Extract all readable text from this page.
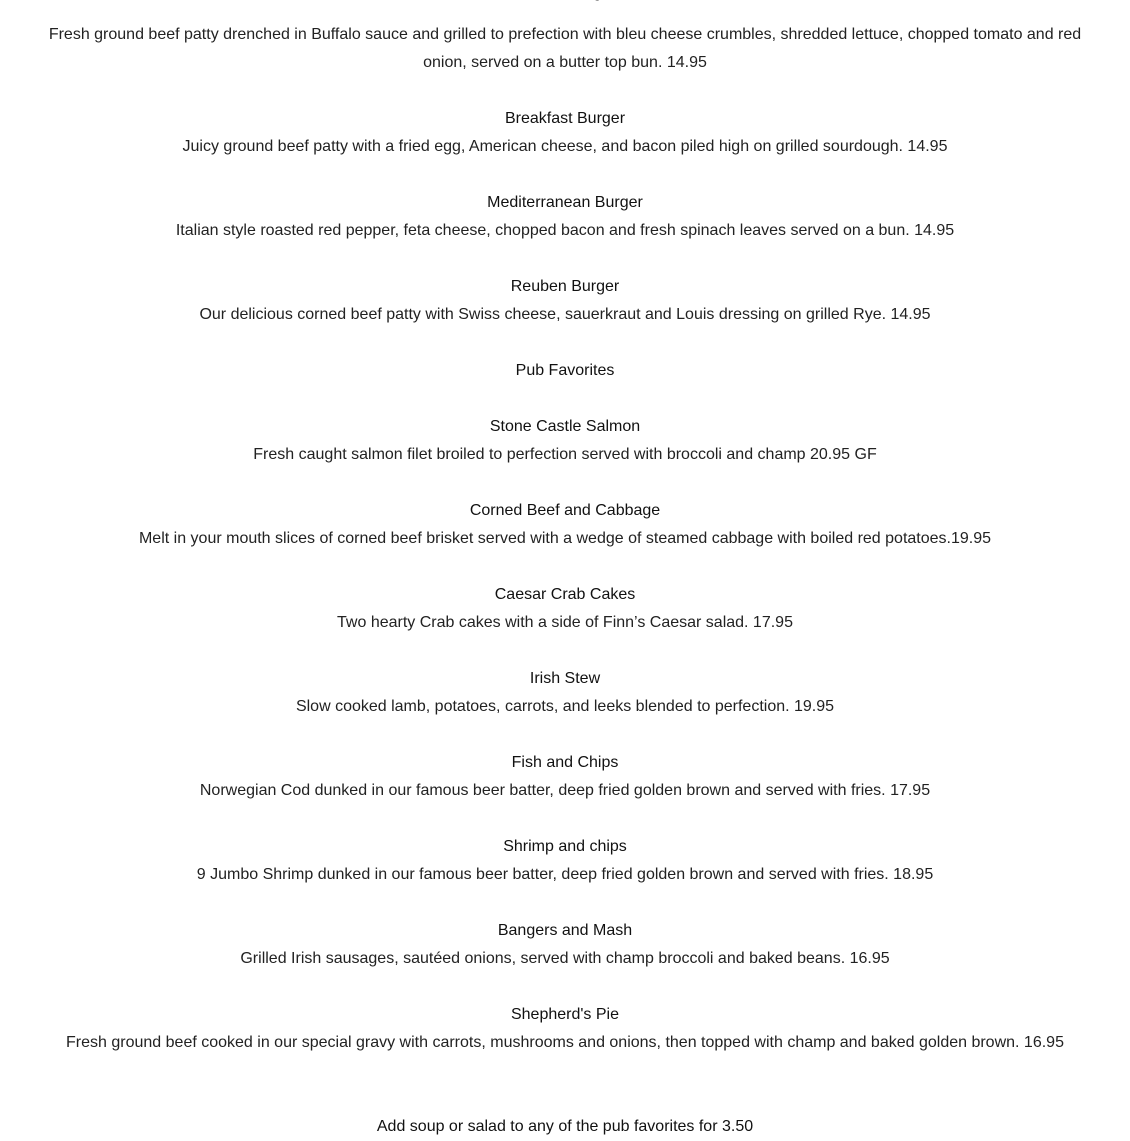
Fresh ground beef patty drenched in Buffalo sauce and grilled to prefection with bleu cheese crumbles, shredded lettuce, chopped tomato and red onion, served on a butter top bun. 14.95
Breakfast Burger
Juicy ground beef patty with a fried egg, American cheese, and bacon piled high on grilled sourdough. 14.95
Mediterranean Burger
Italian style roasted red pepper, feta cheese, chopped bacon and fresh spinach leaves served on a bun. 14.95
Reuben Burger
Our delicious corned beef patty with Swiss cheese, sauerkraut and Louis dressing on grilled Rye. 14.95
Pub Favorites
Stone Castle Salmon
Fresh caught salmon filet broiled to perfection served with broccoli and champ 20.95 GF
Corned Beef and Cabbage
Melt in your mouth slices of corned beef brisket served with a wedge of steamed cabbage with boiled red potatoes.19.95
Caesar Crab Cakes
Two hearty Crab cakes with a side of Finn’s Caesar salad. 17.95
Irish Stew
Slow cooked lamb, potatoes, carrots, and leeks blended to perfection. 19.95
Fish and Chips
Norwegian Cod dunked in our famous beer batter, deep fried golden brown and served with fries. 17.95
Shrimp and chips
9 Jumbo Shrimp dunked in our famous beer batter, deep fried golden brown and served with fries. 18.95
Bangers and Mash
Grilled Irish sausages, sautéed onions, served with champ broccoli and baked beans. 16.95
Shepherd's Pie
Fresh ground beef cooked in our special gravy with carrots, mushrooms and onions, then topped with champ and baked golden brown. 16.95
Add soup or salad to any of the pub favorites for 3.50
